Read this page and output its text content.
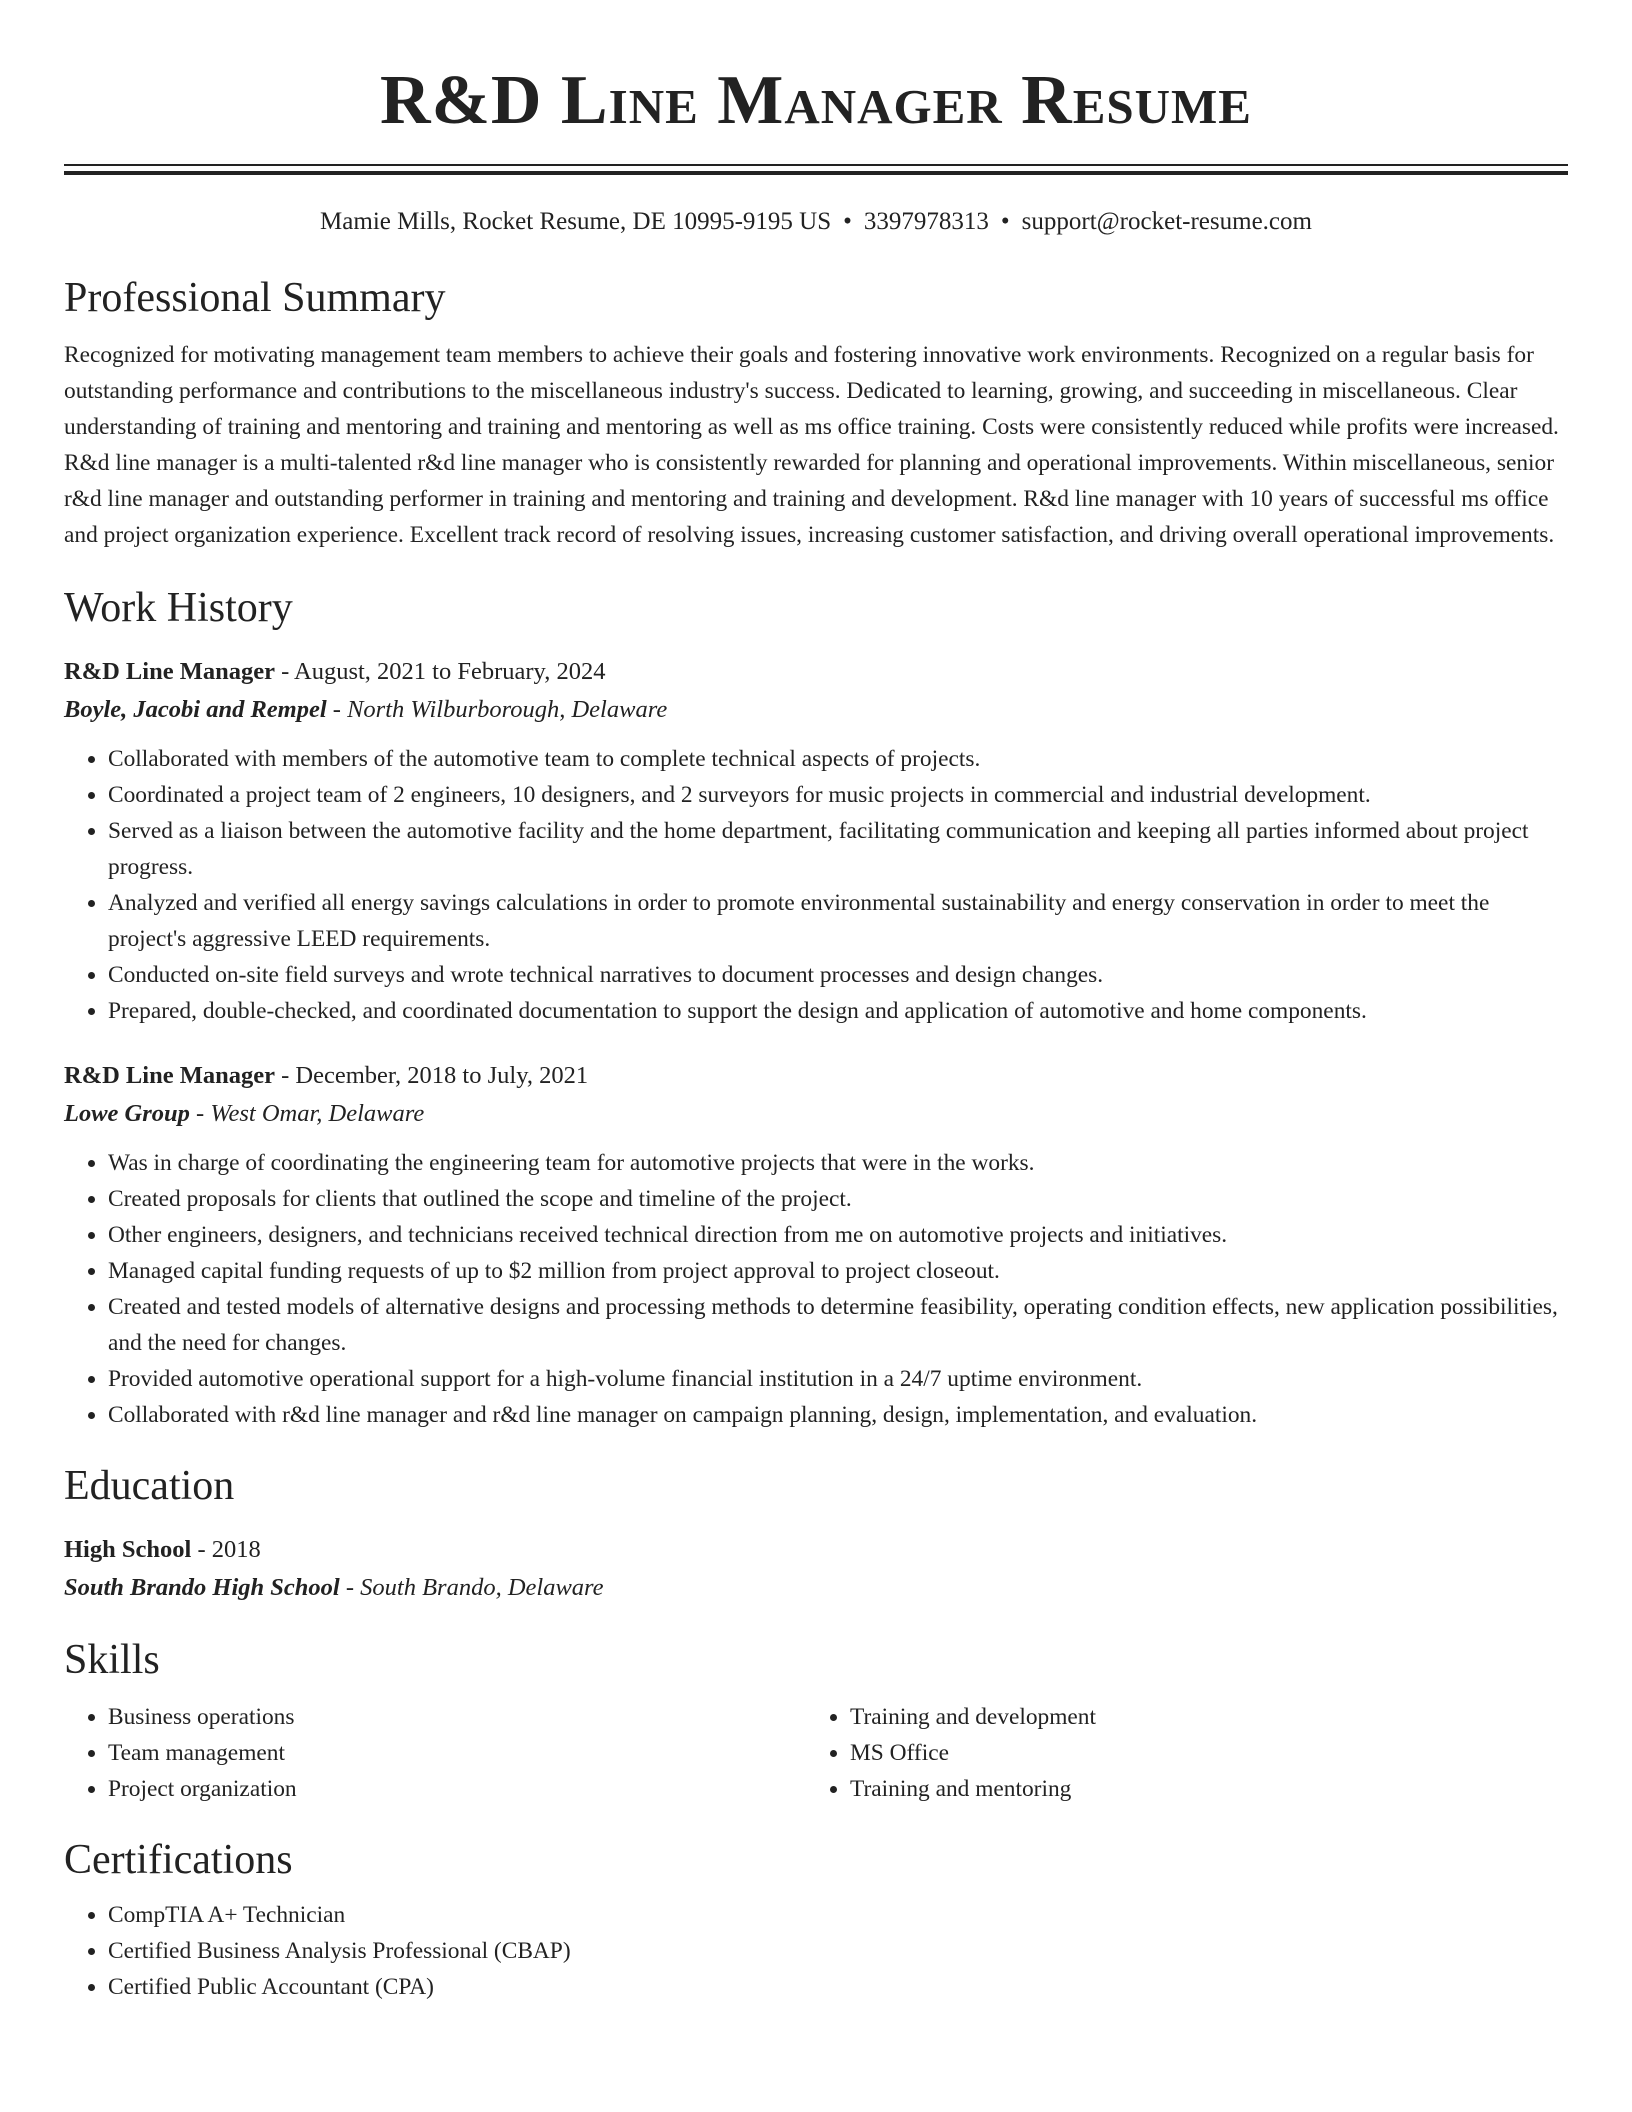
R&D Line Manager Resume
Mamie Mills, Rocket Resume, DE 10995-9195 US • 3397978313 • support@rocket-resume.com
Professional Summary

Recognized for motivating management team members to achieve their goals and fostering innovative work environments. Recognized on a regular basis for outstanding performance and contributions to the miscellaneous industry's success. Dedicated to learning, growing, and succeeding in miscellaneous. Clear understanding of training and mentoring and training and mentoring as well as ms office training. Costs were consistently reduced while profits were increased. R&d line manager is a multi-talented r&d line manager who is consistently rewarded for planning and operational improvements. Within miscellaneous, senior r&d line manager and outstanding performer in training and mentoring and training and development. R&d line manager with 10 years of successful ms office and project organization experience. Excellent track record of resolving issues, increasing customer satisfaction, and driving overall operational improvements.

Work History
R&D Line Manager - August, 2021 to February, 2024
Boyle, Jacobi and Rempel - North Wilburborough, Delaware
• Collaborated with members of the automotive team to complete technical aspects of projects.
• Coordinated a project team of 2 engineers, 10 designers, and 2 surveyors for music projects in commercial and industrial development.
• Served as a liaison between the automotive facility and the home department, facilitating communication and keeping all parties informed about project progress.
• Analyzed and verified all energy savings calculations in order to promote environmental sustainability and energy conservation in order to meet the project's aggressive LEED requirements.
• Conducted on-site field surveys and wrote technical narratives to document processes and design changes.
• Prepared, double-checked, and coordinated documentation to support the design and application of automotive and home components.
R&D Line Manager - December, 2018 to July, 2021
Lowe Group - West Omar, Delaware
• Was in charge of coordinating the engineering team for automotive projects that were in the works.
• Created proposals for clients that outlined the scope and timeline of the project.
• Other engineers, designers, and technicians received technical direction from me on automotive projects and initiatives.
• Managed capital funding requests of up to $2 million from project approval to project closeout.
• Created and tested models of alternative designs and processing methods to determine feasibility, operating condition effects, new application possibilities, and the need for changes.
• Provided automotive operational support for a high-volume financial institution in a 24/7 uptime environment.
• Collaborated with r&d line manager and r&d line manager on campaign planning, design, implementation, and evaluation.
Education
High School - 2018
South Brando High School - South Brando, Delaware
Skills
• Business operations
• Team management
• Project organization
• Training and development
• MS Office
• Training and mentoring
Certifications
• CompTIA A+ Technician
• Certified Business Analysis Professional (CBAP)
• Certified Public Accountant (CPA)
